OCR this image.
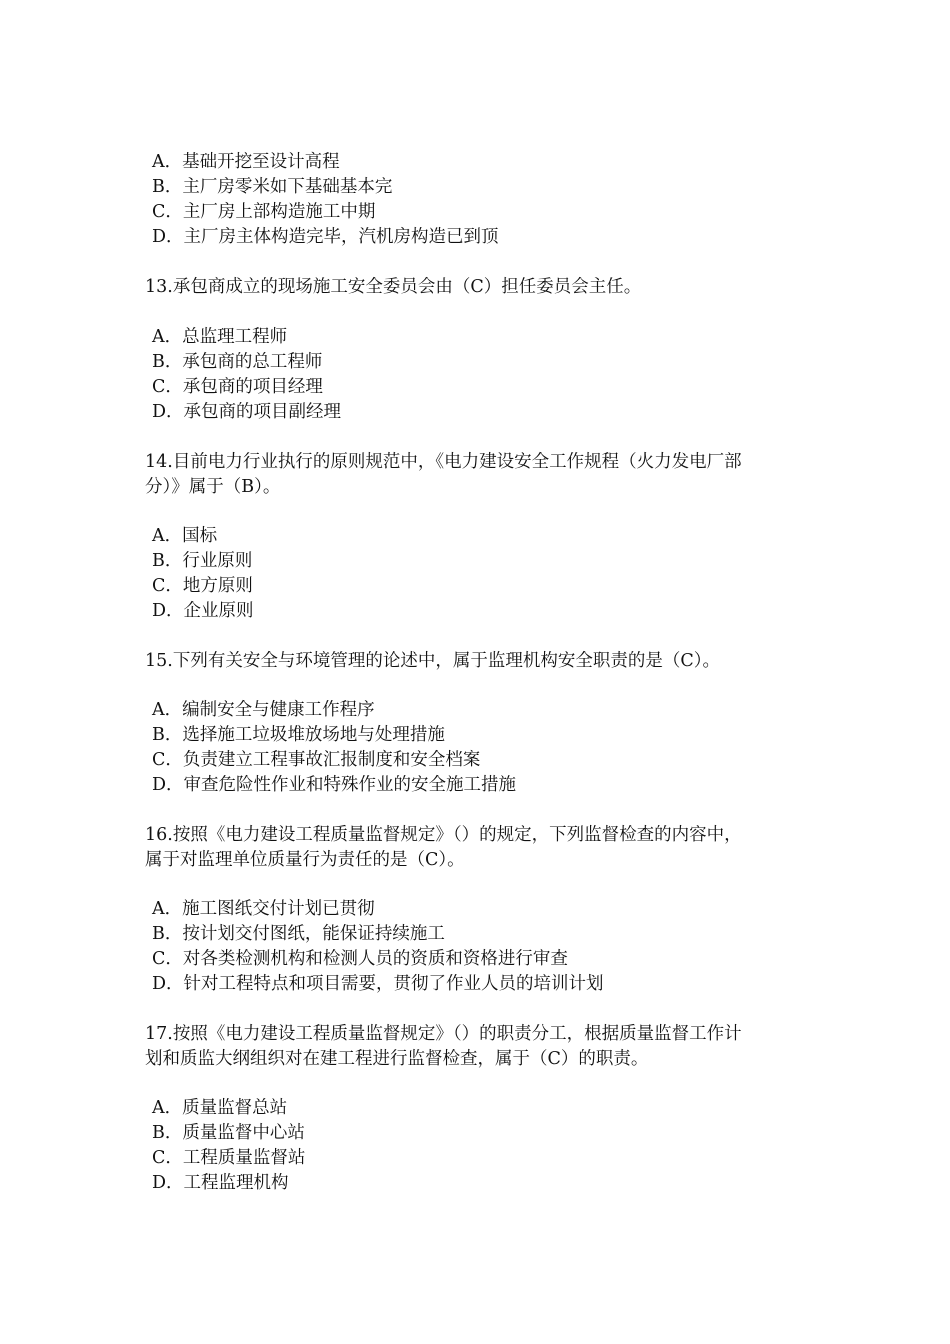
A．基础开挖至设计高程
B．主厂房零米如下基础基本完
C．主厂房上部构造施工中期
D．主厂房主体构造完毕，汽机房构造已到顶
13.承包商成立的现场施工安全委员会由（C）担任委员会主任。
A．总监理工程师
B．承包商的总工程师
C．承包商的项目经理
D．承包商的项目副经理
14.目前电力行业执行的原则规范中，《电力建设安全工作规程（火力发电厂部
分）》属于（B）。
A．国标
B．行业原则
C．地方原则
D．企业原则
15.下列有关安全与环境管理的论述中，属于监理机构安全职责的是（C）。
A．编制安全与健康工作程序
B．选择施工垃圾堆放场地与处理措施
C．负责建立工程事故汇报制度和安全档案
D．审查危险性作业和特殊作业的安全施工措施
16.按照《电力建设工程质量监督规定》（）的规定，下列监督检查的内容中，
属于对监理单位质量行为责任的是（C）。
A．施工图纸交付计划已贯彻
B．按计划交付图纸，能保证持续施工
C．对各类检测机构和检测人员的资质和资格进行审查
D．针对工程特点和项目需要，贯彻了作业人员的培训计划
17.按照《电力建设工程质量监督规定》（）的职责分工，根据质量监督工作计
划和质监大纲组织对在建工程进行监督检查，属于（C）的职责。
A．质量监督总站
B．质量监督中心站
C．工程质量监督站
D．工程监理机构
